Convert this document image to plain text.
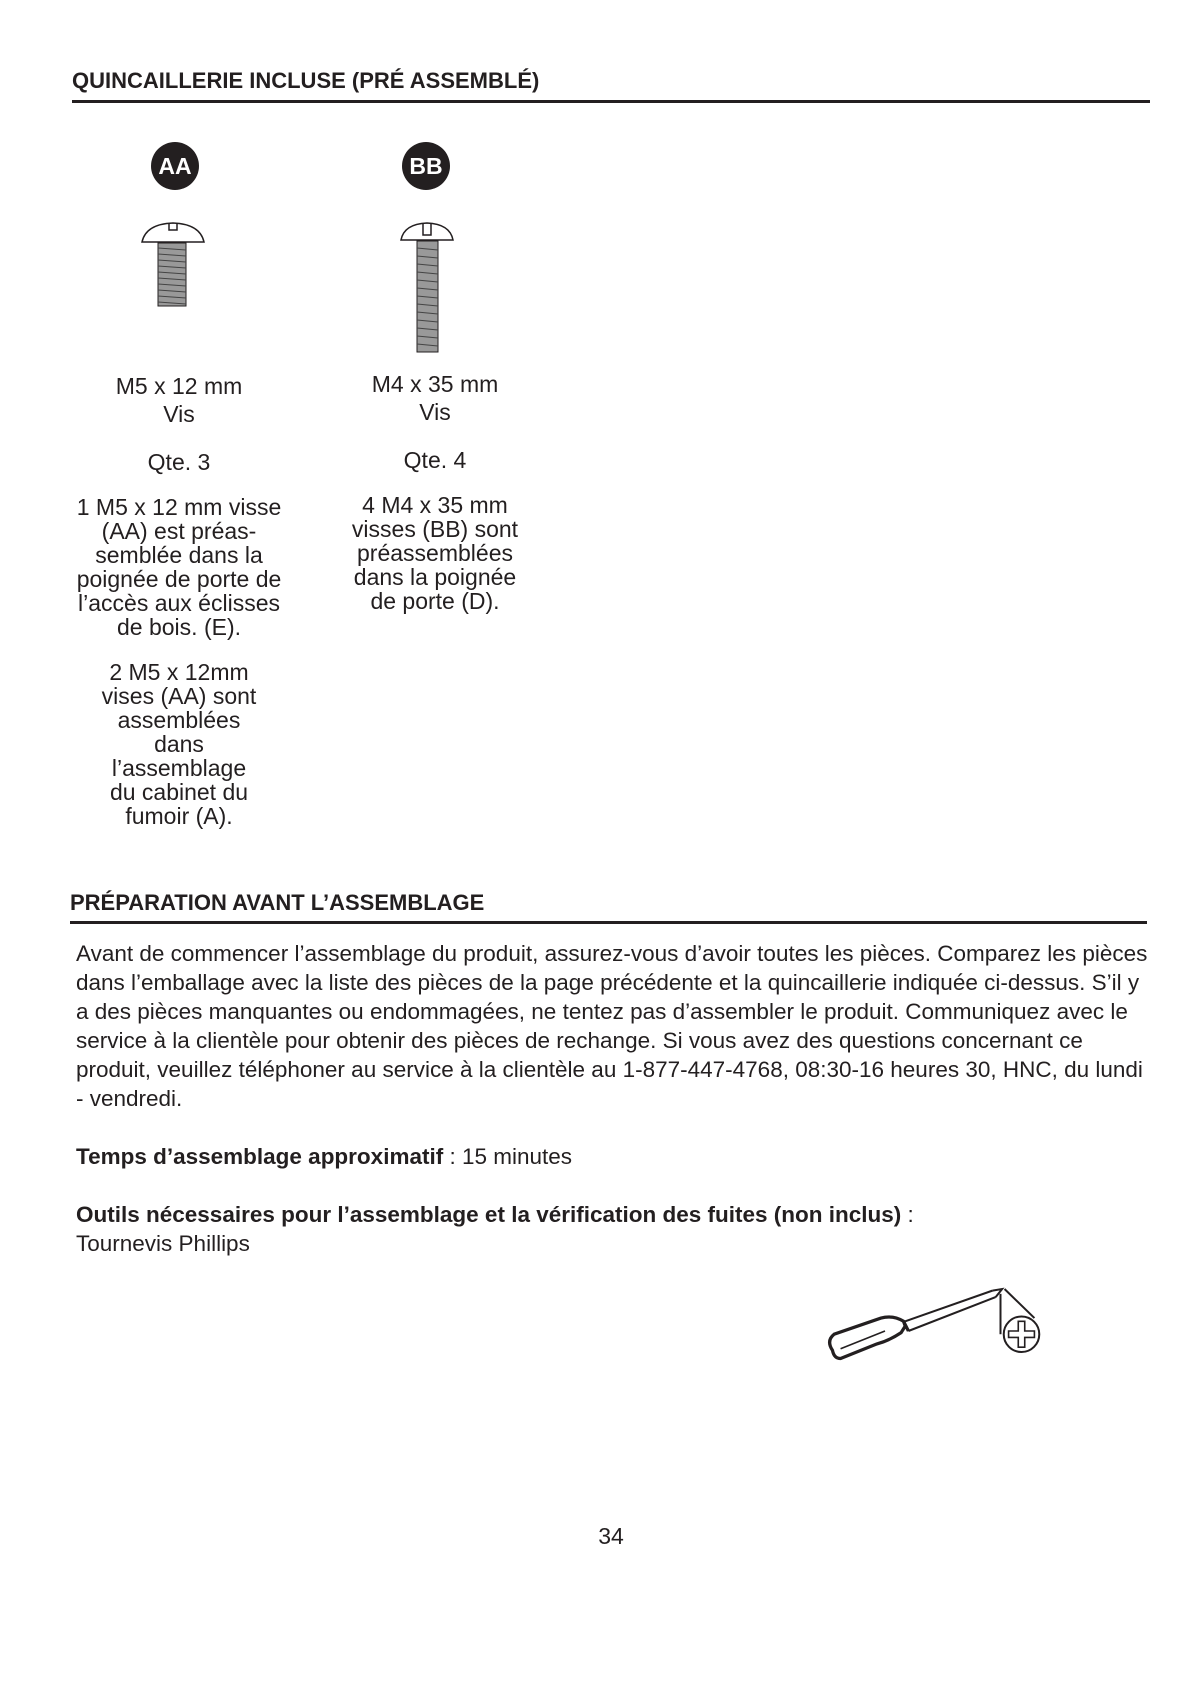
QUINCAILLERIE INCLUSE (PRÉ ASSEMBLÉ)
AA	BB

M5 x 12 mm

Vis

Qte. 3

1 M5 x 12 mm visse (AA) est préas-semblée dans la poignée de porte de l’accès aux éclisses de bois. (E).

2 M5 x 12mm vises (AA) sont assemblées dans l’assemblage du cabinet du fumoir (A).

M4 x 35 mm

Vis

Qte. 4

4 M4 x 35 mm visses (BB) sont préassemblées dans la poignée de porte (D).

PRÉPARATION AVANT L’ASSEMBLAGE

Avant de commencer l’assemblage du produit, assurez-vous d’avoir toutes les pièces. Comparez les pièces dans l’emballage avec la liste des pièces de la page précédente et la quincaillerie indiquée ci-dessus. S’il y a des pièces manquantes ou endommagées, ne tentez pas d’assembler le produit. Communiquez avec le service à la clientèle pour obtenir des pièces de rechange. Si vous avez des questions concernant ce produit, veuillez téléphoner au service à la clientèle au 1-877-447-4768, 08:30-16 heures 30, HNC, du lundi - vendredi.

Temps d’assemblage approximatif : 15 minutes

Outils nécessaires pour l’assemblage et la vérification des fuites (non inclus) :
Tournevis Phillips

34
